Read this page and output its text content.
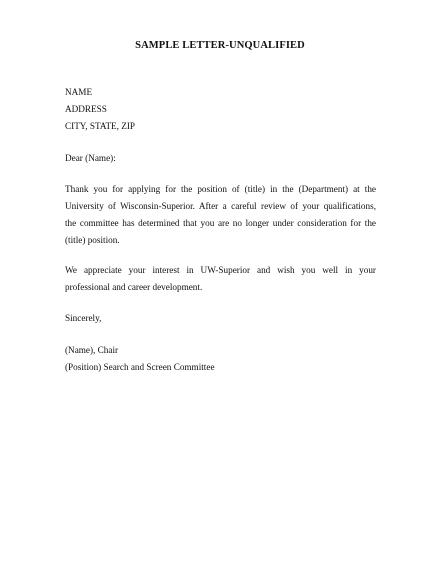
SAMPLE LETTER-UNQUALIFIED
NAME
ADDRESS
CITY, STATE, ZIP
Dear (Name):
Thank you for applying for the position of (title) in the (Department) at the
University of Wisconsin-Superior. After a careful review of your qualifications,
the committee has determined that you are no longer under consideration for the
(title) position.
We appreciate your interest in UW-Superior and wish you well in your
professional and career development.
Sincerely,
(Name), Chair
(Position) Search and Screen Committee
